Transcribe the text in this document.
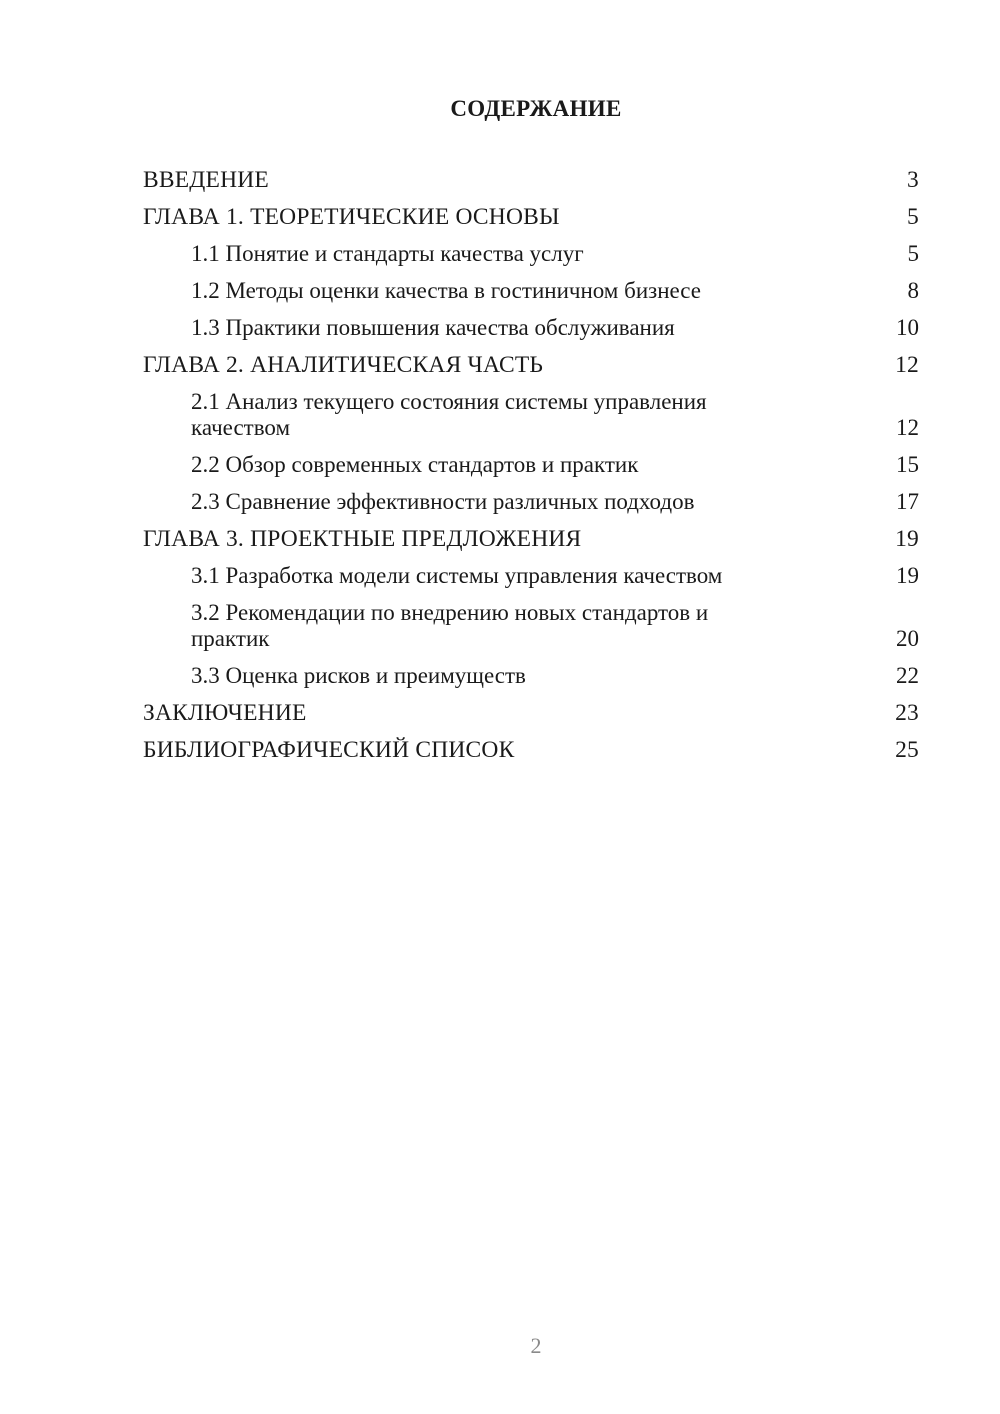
СОДЕРЖАНИЕ
ВВЕДЕНИЕ	3
ГЛАВА 1. ТЕОРЕТИЧЕСКИЕ ОСНОВЫ	5
1.1 Понятие и стандарты качества услуг	5
1.2 Методы оценки качества в гостиничном бизнесе	8
1.3 Практики повышения качества обслуживания	10
ГЛАВА 2. АНАЛИТИЧЕСКАЯ ЧАСТЬ	12
2.1 Анализ текущего состояния системы управления качеством	12
2.2 Обзор современных стандартов и практик	15
2.3 Сравнение эффективности различных подходов	17
ГЛАВА 3. ПРОЕКТНЫЕ ПРЕДЛОЖЕНИЯ	19
3.1 Разработка модели системы управления качеством	19
3.2 Рекомендации по внедрению новых стандартов и практик	20
3.3 Оценка рисков и преимуществ	22
ЗАКЛЮЧЕНИЕ	23
БИБЛИОГРАФИЧЕСКИЙ СПИСОК	25
2
